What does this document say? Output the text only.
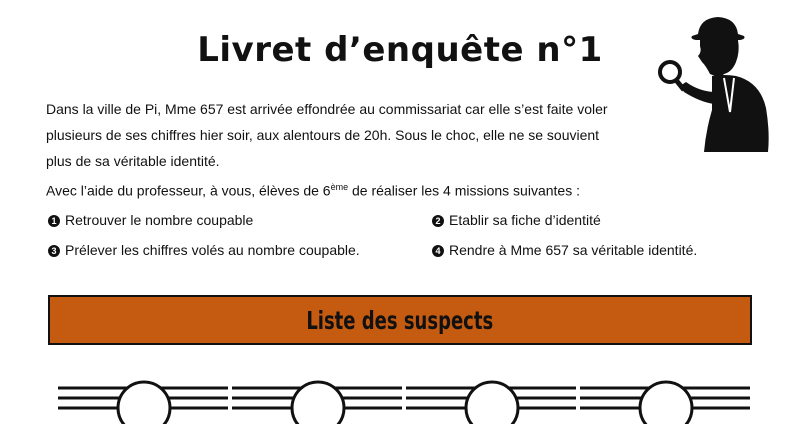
Livret d’enquête n°1

Dans la ville de Pi, Mme 657 est arrivée effondrée au commissariat car elle s’est faite voler

plusieurs de ses chiffres hier soir, aux alentours de 20h. Sous le choc, elle ne se souvient

plus de sa véritable identité.

Avec l’aide du professeur, à vous, élèves de 6ème de réaliser les 4 missions suivantes :

1 Retrouver le nombre coupable	2 Etablir sa fiche d’identité
3 Prélever les chiffres volés au nombre coupable.	4 Rendre à Mme 657 sa véritable identité.
Liste des suspects
